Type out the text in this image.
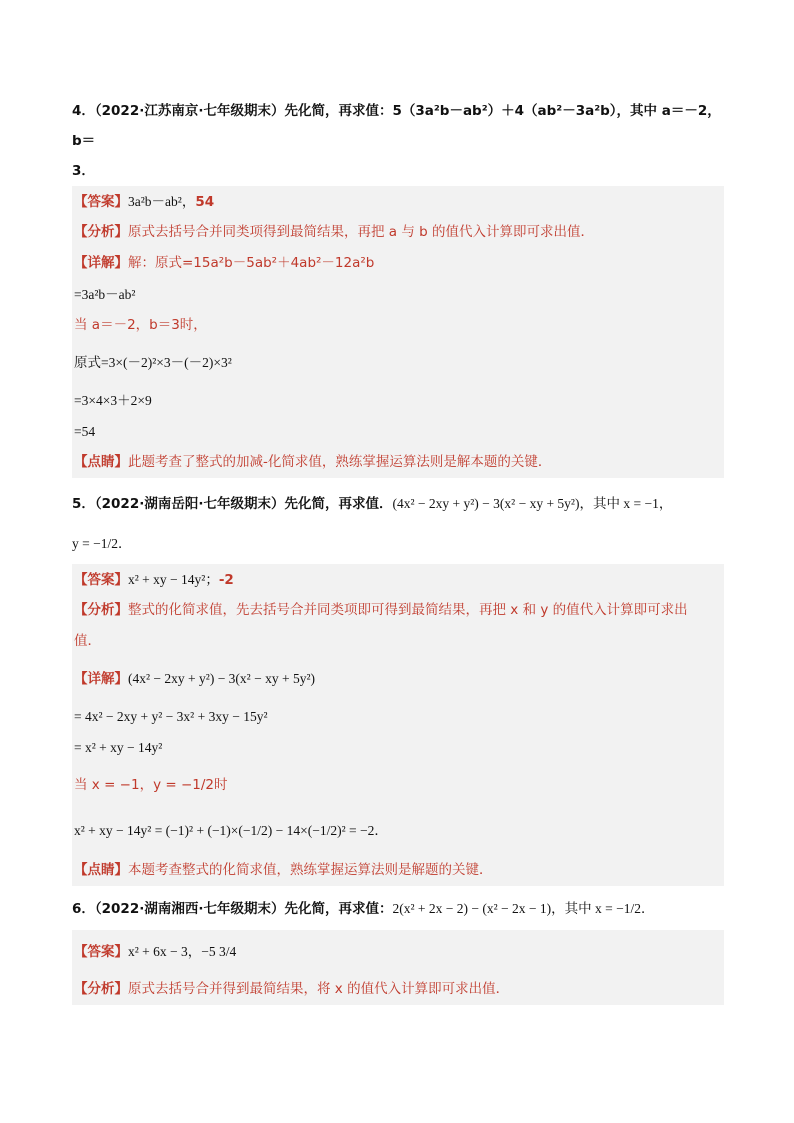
4．（2022·江苏南京·七年级期末）先化简，再求值：5（3a²b－ab²）＋4（ab²－3a²b），其中 a＝－2，b＝
3．
【答案】3a²b－ab²，54
【分析】原式去括号合并同类项得到最简结果，再把 a 与 b 的值代入计算即可求出值．
【详解】解：原式=15a²b－5ab²＋4ab²－12a²b
=3a²b－ab²
当 a＝－2，b＝3时，
原式=3×(－2)²×3－(－2)×3²
=3×4×3＋2×9
=54
【点睛】此题考查了整式的加减-化简求值，熟练掌握运算法则是解本题的关键．
5．（2022·湖南岳阳·七年级期末）先化简，再求值．(4x² − 2xy + y²) − 3(x² − xy + 5y²)，其中 x = −1，
y = −1/2．
【答案】x² + xy − 14y²；-2
【分析】整式的化简求值，先去括号合并同类项即可得到最简结果，再把 x 和 y 的值代入计算即可求出
值．
【详解】(4x² − 2xy + y²) − 3(x² − xy + 5y²)
= 4x² − 2xy + y² − 3x² + 3xy − 15y²
= x² + xy − 14y²
当 x = −1，y = −1/2时
x² + xy − 14y² = (−1)² + (−1)×(−1/2) − 14×(−1/2)² = −2．
【点睛】本题考查整式的化简求值，熟练掌握运算法则是解题的关键．
6．（2022·湖南湘西·七年级期末）先化简，再求值：2(x² + 2x − 2) − (x² − 2x − 1)，其中 x = −1/2．
【答案】x² + 6x − 3，−5 3/4
【分析】原式去括号合并得到最简结果，将 x 的值代入计算即可求出值．
